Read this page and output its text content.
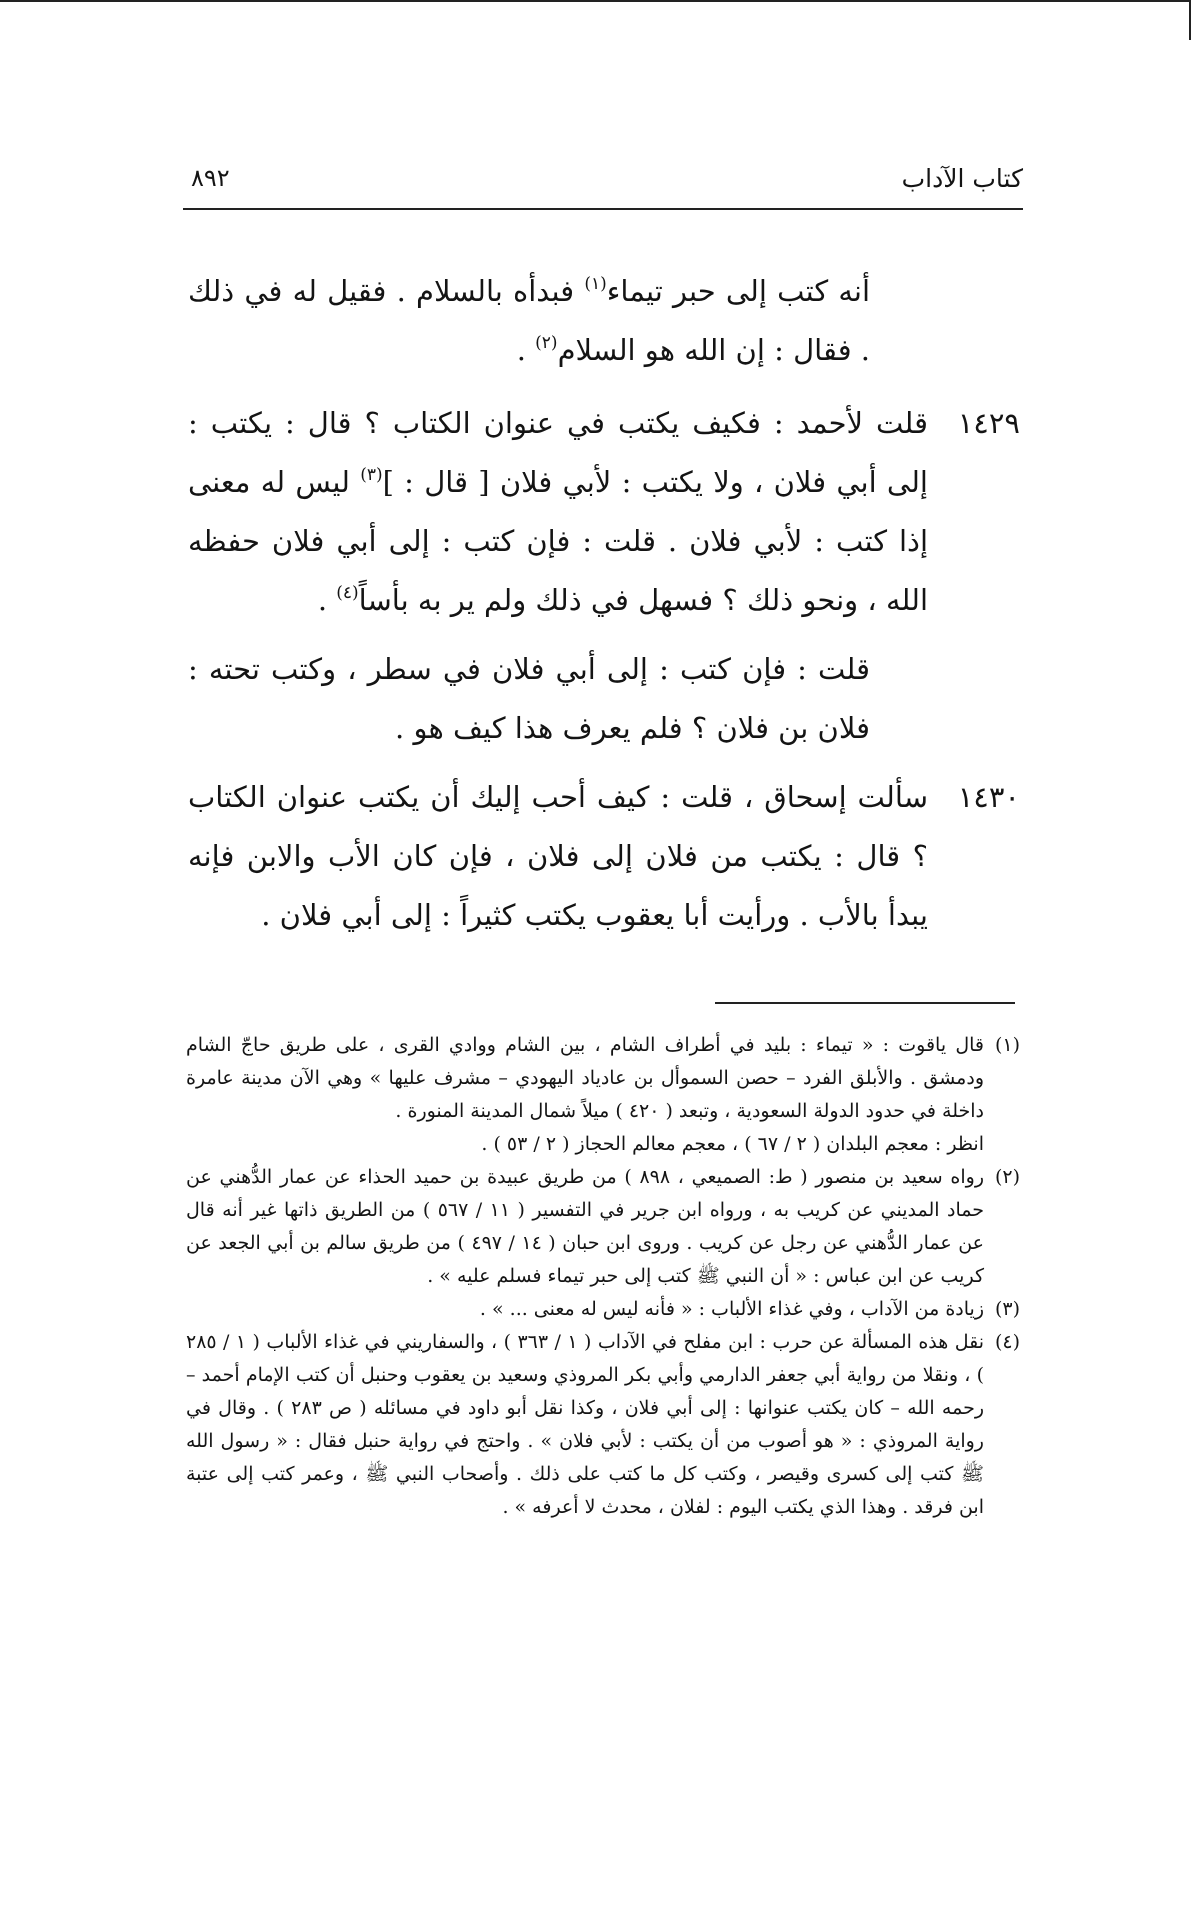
كتاب الآداب
٨٩٢
أنه كتب إلى حبر تيماء$^{(١)}$ فبدأه بالسلام . فقيل له في ذلك . فقال : إن الله هو السلام$^{(٢)}$ .
١٤٢٩
قلت لأحمد : فكيف يكتب في عنوان الكتاب ؟ قال : يكتب : إلى أبي فلان ، ولا يكتب : لأبي فلان [ قال : ]$^{(٣)}$ ليس له معنى إذا كتب : لأبي فلان . قلت : فإن كتب : إلى أبي فلان حفظه الله ، ونحو ذلك ؟ فسهل في ذلك ولم ير به بأساً$^{(٤)}$ .
قلت : فإن كتب : إلى أبي فلان في سطر ، وكتب تحته : فلان بن فلان ؟ فلم يعرف هذا كيف هو .
١٤٣٠
سألت إسحاق ، قلت : كيف أحب إليك أن يكتب عنوان الكتاب ؟ قال : يكتب من فلان إلى فلان ، فإن كان الأب والابن فإنه يبدأ بالأب . ورأيت أبا يعقوب يكتب كثيراً : إلى أبي فلان .
(١)
قال ياقوت : « تيماء : بليد في أطراف الشام ، بين الشام ووادي القرى ، على طريق حاجّ الشام ودمشق . والأبلق الفرد – حصن السموأل بن عادياد اليهودي – مشرف عليها » وهي الآن مدينة عامرة داخلة في حدود الدولة السعودية ، وتبعد ( ٤٢٠ ) ميلاً شمال المدينة المنورة .
انظر : معجم البلدان ( ٢ / ٦٧ ) ، معجم معالم الحجاز ( ٢ / ٥٣ ) .
(٢)
رواه سعيد بن منصور ( ط: الصميعي ، ٨٩٨ ) من طريق عبيدة بن حميد الحذاء عن عمار الدُّهني عن حماد المديني عن كريب به ، ورواه ابن جرير في التفسير ( ١١ / ٥٦٧ ) من الطريق ذاتها غير أنه قال عن عمار الدُّهني عن رجل عن كريب . وروى ابن حبان ( ١٤ / ٤٩٧ ) من طريق سالم بن أبي الجعد عن كريب عن ابن عباس : « أن النبي ﷺ كتب إلى حبر تيماء فسلم عليه » .
(٣)
زيادة من الآداب ، وفي غذاء الألباب : « فأنه ليس له معنى ... » .
(٤)
نقل هذه المسألة عن حرب : ابن مفلح في الآداب ( ١ / ٣٦٣ ) ، والسفاريني في غذاء الألباب ( ١ / ٢٨٥ ) ، ونقلا من رواية أبي جعفر الدارمي وأبي بكر المروذي وسعيد بن يعقوب وحنبل أن كتب الإمام أحمد – رحمه الله – كان يكتب عنوانها : إلى أبي فلان ، وكذا نقل أبو داود في مسائله ( ص ٢٨٣ ) . وقال في رواية المروذي : « هو أصوب من أن يكتب : لأبي فلان » . واحتج في رواية حنبل فقال : « رسول الله ﷺ كتب إلى كسرى وقيصر ، وكتب كل ما كتب على ذلك . وأصحاب النبي ﷺ ، وعمر كتب إلى عتبة ابن فرقد . وهذا الذي يكتب اليوم : لفلان ، محدث لا أعرفه » .
